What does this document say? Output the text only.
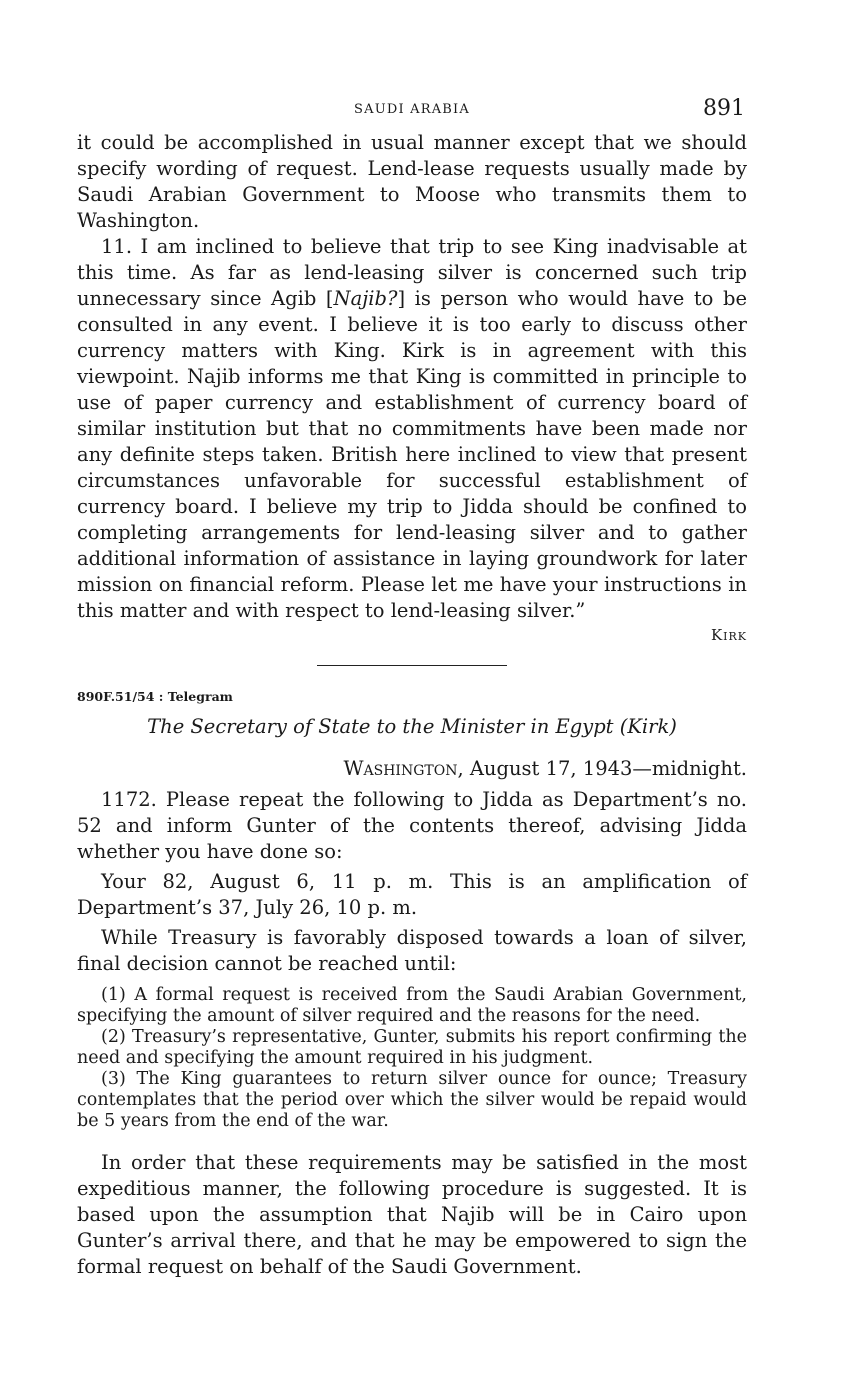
SAUDI ARABIA	891

it could be accomplished in usual manner except that we should specify wording of request. Lend-lease requests usually made by Saudi Arabian Government to Moose who transmits them to Washington.

11. I am inclined to believe that trip to see King inadvisable at this time. As far as lend-leasing silver is concerned such trip unnecessary since Agib [Najib?] is person who would have to be consulted in any event. I believe it is too early to discuss other currency matters with King. Kirk is in agreement with this viewpoint. Najib informs me that King is committed in principle to use of paper currency and establishment of currency board of similar institution but that no commitments have been made nor any definite steps taken. British here inclined to view that present circumstances unfavorable for successful establishment of currency board. I believe my trip to Jidda should be confined to completing arrangements for lend-leasing silver and to gather additional information of assistance in laying groundwork for later mission on financial reform. Please let me have your instructions in this matter and with respect to lend-leasing silver.”

Kirk
890F.51/54 : Telegram
The Secretary of State to the Minister in Egypt (Kirk)
Washington, August 17, 1943—midnight.

1172. Please repeat the following to Jidda as Department’s no. 52 and inform Gunter of the contents thereof, advising Jidda whether you have done so:

Your 82, August 6, 11 p. m. This is an amplification of Department’s 37, July 26, 10 p. m.

While Treasury is favorably disposed towards a loan of silver, final decision cannot be reached until:

(1) A formal request is received from the Saudi Arabian Government, specifying the amount of silver required and the reasons for the need.

(2) Treasury’s representative, Gunter, submits his report confirming the need and specifying the amount required in his judgment.

(3) The King guarantees to return silver ounce for ounce; Treasury contemplates that the period over which the silver would be repaid would be 5 years from the end of the war.

In order that these requirements may be satisfied in the most expeditious manner, the following procedure is suggested. It is based upon the assumption that Najib will be in Cairo upon Gunter’s arrival there, and that he may be empowered to sign the formal request on behalf of the Saudi Government.
